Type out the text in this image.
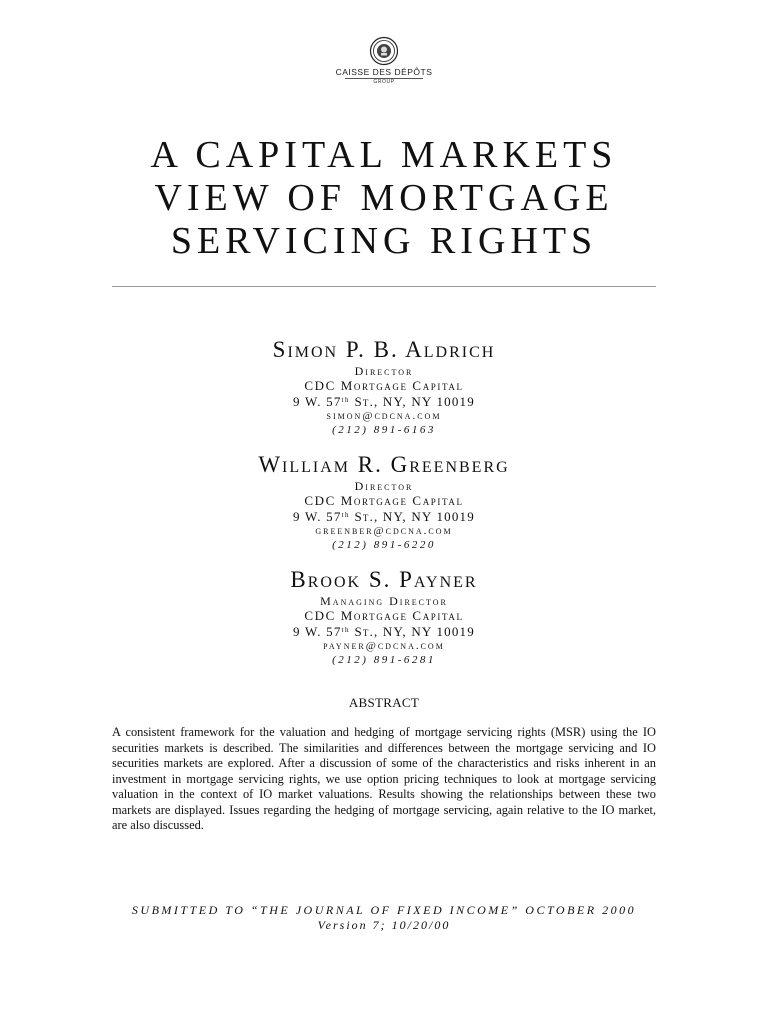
CAISSE DES DÉPÔTS
GROUP
A CAPITAL MARKETS
VIEW OF MORTGAGE
SERVICING RIGHTS
Simon P. B. Aldrich
Director
CDC Mortgage Capital
9 W. 57th St., NY, NY 10019
simon@cdcna.com
(212) 891-6163
William R. Greenberg
Director
CDC Mortgage Capital
9 W. 57th St., NY, NY 10019
greenber@cdcna.com
(212) 891-6220
Brook S. Payner
Managing Director
CDC Mortgage Capital
9 W. 57th St., NY, NY 10019
payner@cdcna.com
(212) 891-6281
ABSTRACT

A consistent framework for the valuation and hedging of mortgage servicing rights (MSR) using the IO securities markets is described. The similarities and differences between the mortgage servicing and IO securities markets are explored. After a discussion of some of the characteristics and risks inherent in an investment in mortgage servicing rights, we use option pricing techniques to look at mortgage servicing valuation in the context of IO market valuations. Results showing the relationships between these two markets are displayed. Issues regarding the hedging of mortgage servicing, again relative to the IO market, are also discussed.

SUBMITTED TO “THE JOURNAL OF FIXED INCOME” OCTOBER 2000
Version 7; 10/20/00
